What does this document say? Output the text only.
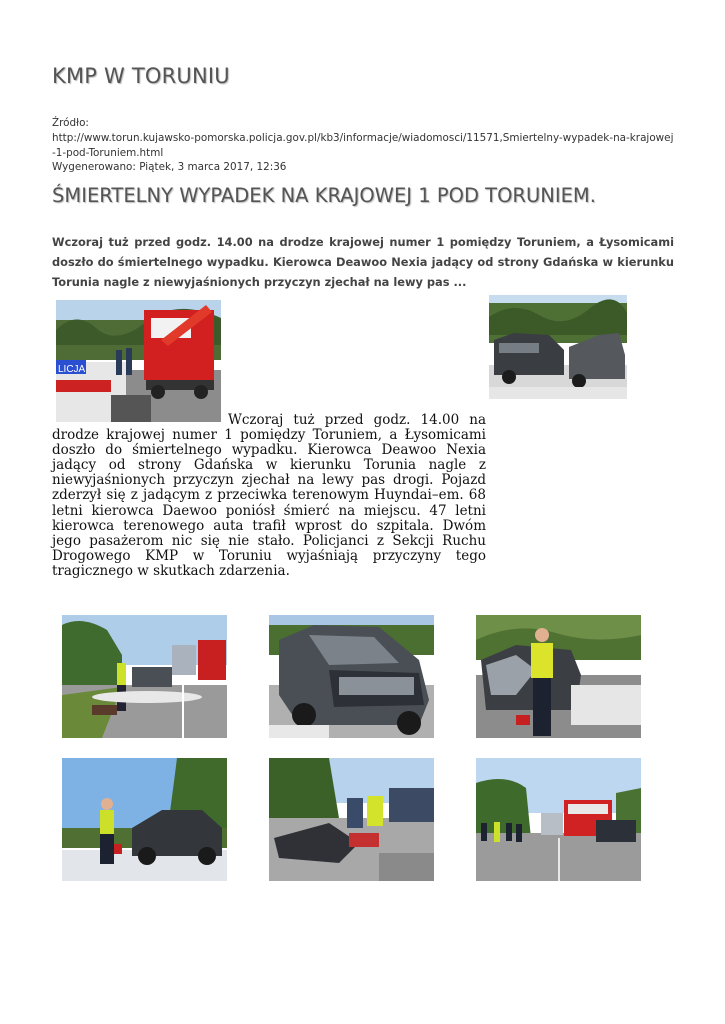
KMP W TORUNIU
Źródło:
http://www.torun.kujawsko-pomorska.policja.gov.pl/kb3/informacje/wiadomosci/11571,Smiertelny-wypadek-na-krajowej-1-pod-Toruniem.html
Wygenerowano: Piątek, 3 marca 2017, 12:36
ŚMIERTELNY WYPADEK NA KRAJOWEJ 1 POD TORUNIEM.
Wczoraj tuż przed godz. 14.00 na drodze krajowej numer 1 pomiędzy Toruniem, a Łysomicami doszło do śmiertelnego wypadku. Kierowca Deawoo Nexia jadący od strony Gdańska w kierunku Torunia nagle z niewyjaśnionych przyczyn zjechał na lewy pas ...
LICJA
Wczoraj tuż przed godz. 14.00 na drodze krajowej numer 1 pomiędzy Toruniem, a Łysomicami doszło do śmiertelnego wypadku. Kierowca Deawoo Nexia jadący od strony Gdańska w kierunku Torunia nagle z niewyjaśnionych przyczyn zjechał na lewy pas drogi. Pojazd zderzył się z jadącym z przeciwka terenowym Huyndai–em. 68 letni kierowca Daewoo poniósł śmierć na miejscu. 47 letni kierowca terenowego auta trafił wprost do szpitala. Dwóm jego pasażerom nic się nie stało. Policjanci z Sekcji Ruchu Drogowego KMP w Toruniu wyjaśniają przyczyny tego tragicznego w skutkach zdarzenia.
